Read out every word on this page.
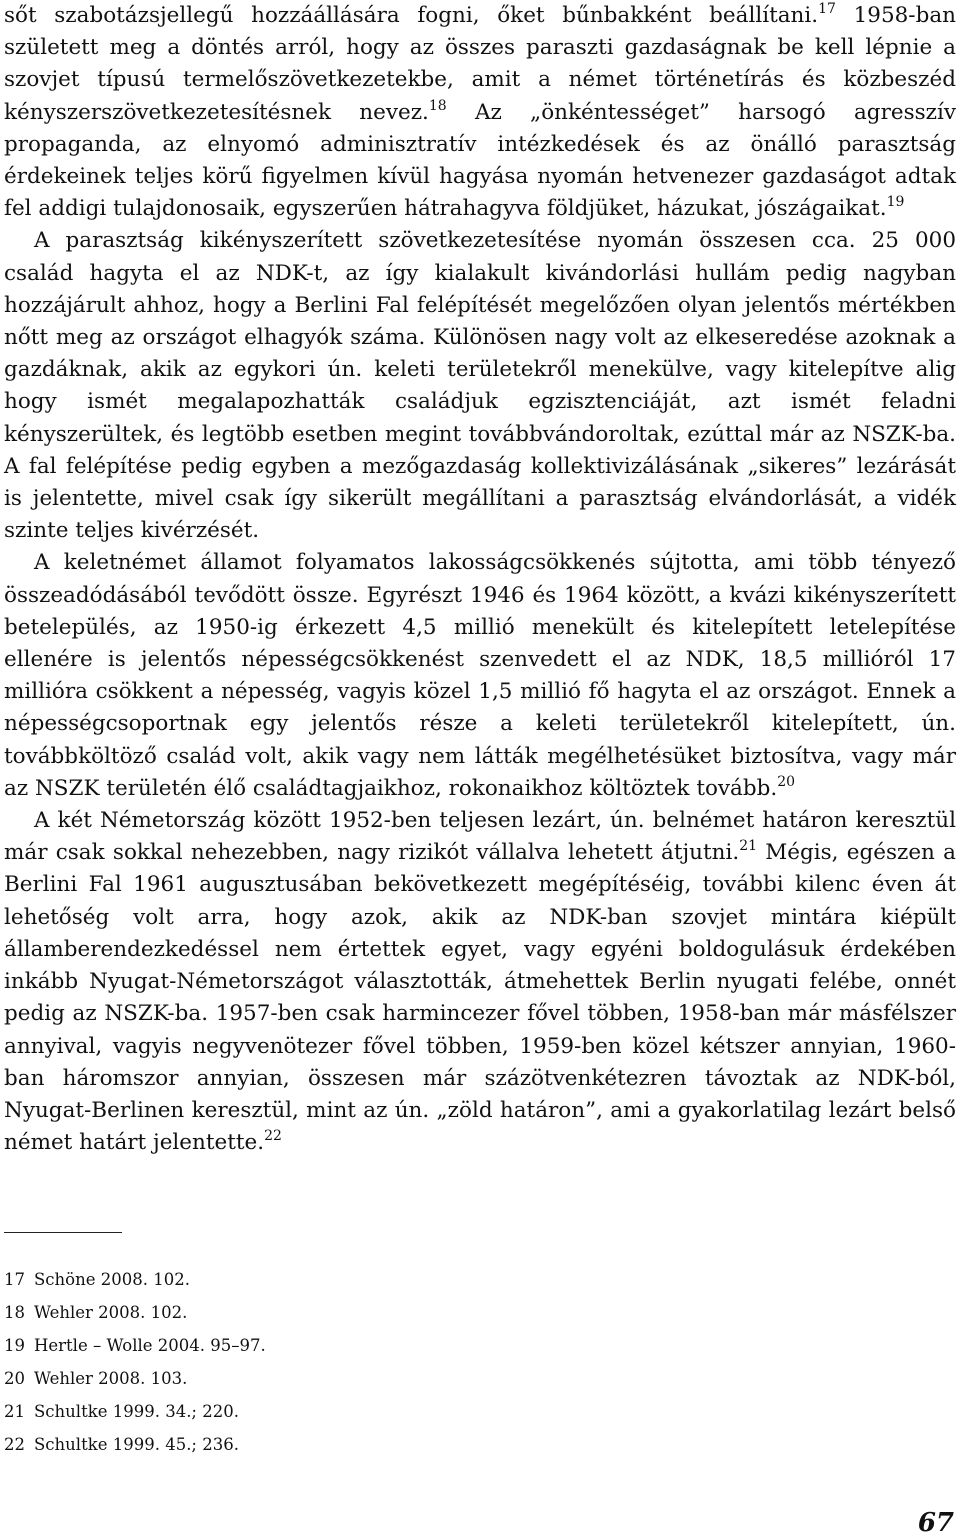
sőt szabotázsjellegű hozzáállására fogni, őket bűnbakként beállítani.$^{17}$ 1958-ban született meg a döntés arról, hogy az összes paraszti gazdaságnak be kell lépnie a szovjet típusú termelőszövetkezetekbe, amit a német történetírás és közbeszéd kényszerszövetkezetesítésnek nevez.$^{18}$ Az „önkéntességet” harsogó agresszív propaganda, az elnyomó adminisztratív intézkedések és az önálló parasztság érdekeinek teljes körű figyelmen kívül hagyása nyomán hetvenezer gazdaságot adtak fel addigi tulajdonosaik, egyszerűen hátrahagyva földjüket, házukat, jószágaikat.$^{19}$

A parasztság kikényszerített szövetkezetesítése nyomán összesen cca. 25 000 család hagyta el az NDK-t, az így kialakult kivándorlási hullám pedig nagyban hozzájárult ahhoz, hogy a Berlini Fal felépítését megelőzően olyan jelentős mértékben nőtt meg az országot elhagyók száma. Különösen nagy volt az elkeseredése azoknak a gazdáknak, akik az egykori ún. keleti területekről menekülve, vagy kitelepítve alig hogy ismét megalapozhatták családjuk egzisztenciáját, azt ismét feladni kényszerültek, és legtöbb esetben megint továbbvándoroltak, ezúttal már az NSZK-ba. A fal felépítése pedig egyben a mezőgazdaság kollektivizálásának „sikeres” lezárását is jelentette, mivel csak így sikerült megállítani a parasztság elvándorlását, a vidék szinte teljes kivérzését.

A keletnémet államot folyamatos lakosságcsökkenés sújtotta, ami több tényező összeadódásából tevődött össze. Egyrészt 1946 és 1964 között, a kvázi kikényszerített betelepülés, az 1950-ig érkezett 4,5 millió menekült és kitelepített letelepítése ellenére is jelentős népességcsökkenést szenvedett el az NDK, 18,5 millióról 17 millióra csökkent a népesség, vagyis közel 1,5 millió fő hagyta el az országot. Ennek a népességcsoportnak egy jelentős része a keleti területekről kitelepített, ún. továbbköltöző család volt, akik vagy nem látták megélhetésüket biztosítva, vagy már az NSZK területén élő családtagjaikhoz, rokonaikhoz költöztek tovább.$^{20}$

A két Németország között 1952-ben teljesen lezárt, ún. belnémet határon keresztül már csak sokkal nehezebben, nagy rizikót vállalva lehetett átjutni.$^{21}$ Mégis, egészen a Berlini Fal 1961 augusztusában bekövetkezett megépítéséig, további kilenc éven át lehetőség volt arra, hogy azok, akik az NDK-ban szovjet mintára kiépült államberendezkedéssel nem értettek egyet, vagy egyéni boldogulásuk érdekében inkább Nyugat-Németországot választották, átmehettek Berlin nyugati felébe, onnét pedig az NSZK-ba. 1957-ben csak harmincezer fővel többen, 1958-ban már másfélszer annyival, vagyis negyvenötezer fővel többen, 1959-ben közel kétszer annyian, 1960-ban háromszor annyian, összesen már százötvenkétezren távoztak az NDK-ból, Nyugat-Berlinen keresztül, mint az ún. „zöld határon”, ami a gyakorlatilag lezárt belső német határt jelentette.$^{22}$

17 Schöne 2008. 102.
18 Wehler 2008. 102.
19 Hertle – Wolle 2004. 95–97.
20 Wehler 2008. 103.
21 Schultke 1999. 34.; 220.
22 Schultke 1999. 45.; 236.
67
